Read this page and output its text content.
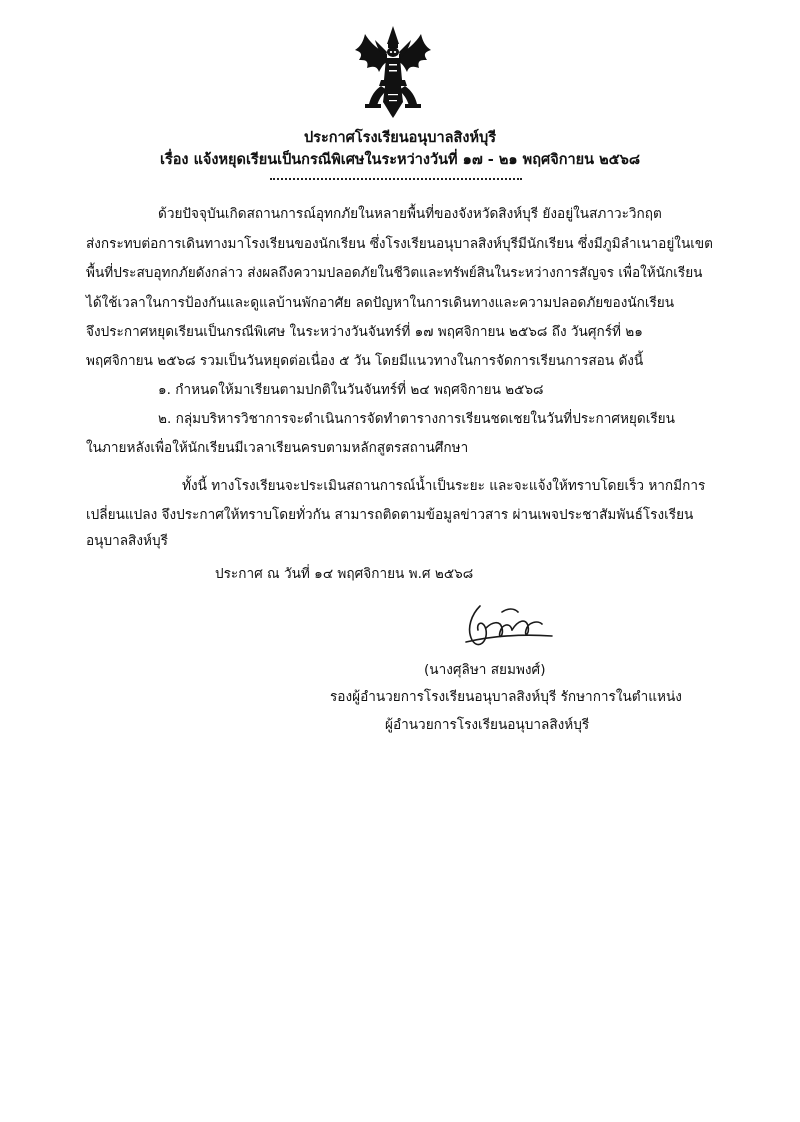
ประกาศโรงเรียนอนุบาลสิงห์บุรี
เรื่อง แจ้งหยุดเรียนเป็นกรณีพิเศษในระหว่างวันที่ ๑๗ - ๒๑ พฤศจิกายน ๒๕๖๘
ด้วยปัจจุบันเกิดสถานการณ์อุทกภัยในหลายพื้นที่ของจังหวัดสิงห์บุรี ยังอยู่ในสภาวะวิกฤต
ส่งกระทบต่อการเดินทางมาโรงเรียนของนักเรียน ซึ่งโรงเรียนอนุบาลสิงห์บุรีมีนักเรียน ซึ่งมีภูมิลำเนาอยู่ในเขต
พื้นที่ประสบอุทกภัยดังกล่าว ส่งผลถึงความปลอดภัยในชีวิตและทรัพย์สินในระหว่างการสัญจร เพื่อให้นักเรียน
ได้ใช้เวลาในการป้องกันและดูแลบ้านพักอาศัย ลดปัญหาในการเดินทางและความปลอดภัยของนักเรียน
จึงประกาศหยุดเรียนเป็นกรณีพิเศษ ในระหว่างวันจันทร์ที่ ๑๗ พฤศจิกายน ๒๕๖๘ ถึง วันศุกร์ที่ ๒๑
พฤศจิกายน ๒๕๖๘ รวมเป็นวันหยุดต่อเนื่อง ๕ วัน โดยมีแนวทางในการจัดการเรียนการสอน ดังนี้
๑. กำหนดให้มาเรียนตามปกติในวันจันทร์ที่ ๒๔ พฤศจิกายน ๒๕๖๘
๒. กลุ่มบริหารวิชาการจะดำเนินการจัดทำตารางการเรียนชดเชยในวันที่ประกาศหยุดเรียน
ในภายหลังเพื่อให้นักเรียนมีเวลาเรียนครบตามหลักสูตรสถานศึกษา
ทั้งนี้ ทางโรงเรียนจะประเมินสถานการณ์น้ำเป็นระยะ และจะแจ้งให้ทราบโดยเร็ว หากมีการ
เปลี่ยนแปลง จึงประกาศให้ทราบโดยทั่วกัน สามารถติดตามข้อมูลข่าวสาร ผ่านเพจประชาสัมพันธ์โรงเรียน
อนุบาลสิงห์บุรี
ประกาศ ณ วันที่ ๑๔ พฤศจิกายน พ.ศ ๒๕๖๘
(นางศุลิษา สยมพงศ์)
รองผู้อำนวยการโรงเรียนอนุบาลสิงห์บุรี รักษาการในตำแหน่ง
ผู้อำนวยการโรงเรียนอนุบาลสิงห์บุรี
